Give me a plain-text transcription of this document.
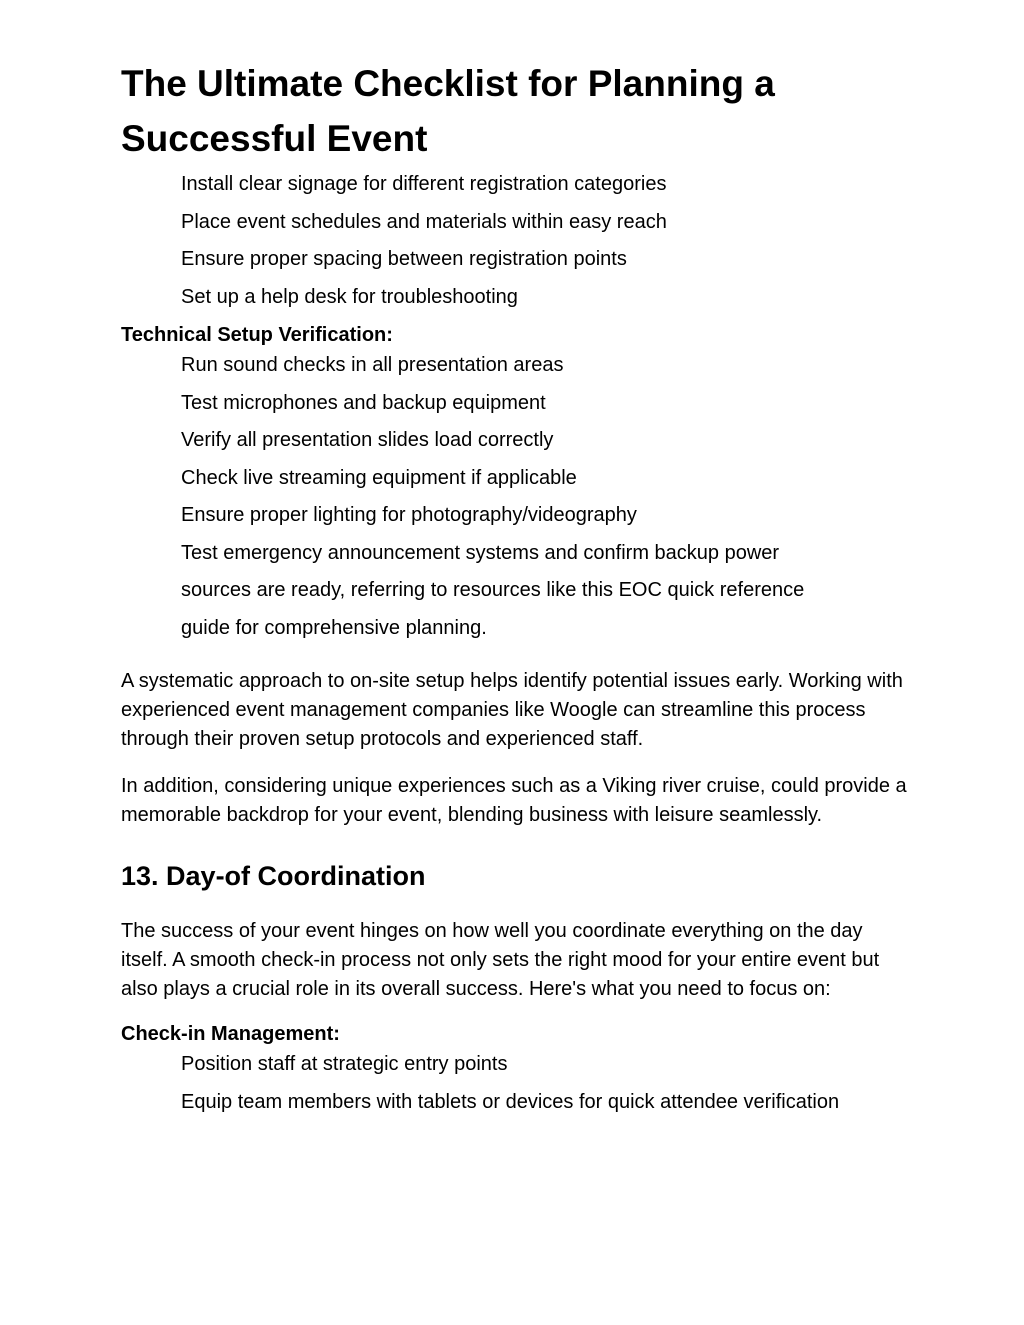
The Ultimate Checklist for Planning a Successful Event
Install clear signage for different registration categories
Place event schedules and materials within easy reach
Ensure proper spacing between registration points
Set up a help desk for troubleshooting

Technical Setup Verification:

Run sound checks in all presentation areas
Test microphones and backup equipment
Verify all presentation slides load correctly
Check live streaming equipment if applicable
Ensure proper lighting for photography/videography
Test emergency announcement systems and confirm backup power
sources are ready, referring to resources like this EOC quick reference
guide for comprehensive planning.

A systematic approach to on-site setup helps identify potential issues early. Working with experienced event management companies like Woogle can streamline this process through their proven setup protocols and experienced staff.

In addition, considering unique experiences such as a Viking river cruise, could provide a memorable backdrop for your event, blending business with leisure seamlessly.

13. Day-of Coordination

The success of your event hinges on how well you coordinate everything on the day itself. A smooth check-in process not only sets the right mood for your entire event but also plays a crucial role in its overall success. Here's what you need to focus on:

Check-in Management:

Position staff at strategic entry points
Equip team members with tablets or devices for quick attendee verification
